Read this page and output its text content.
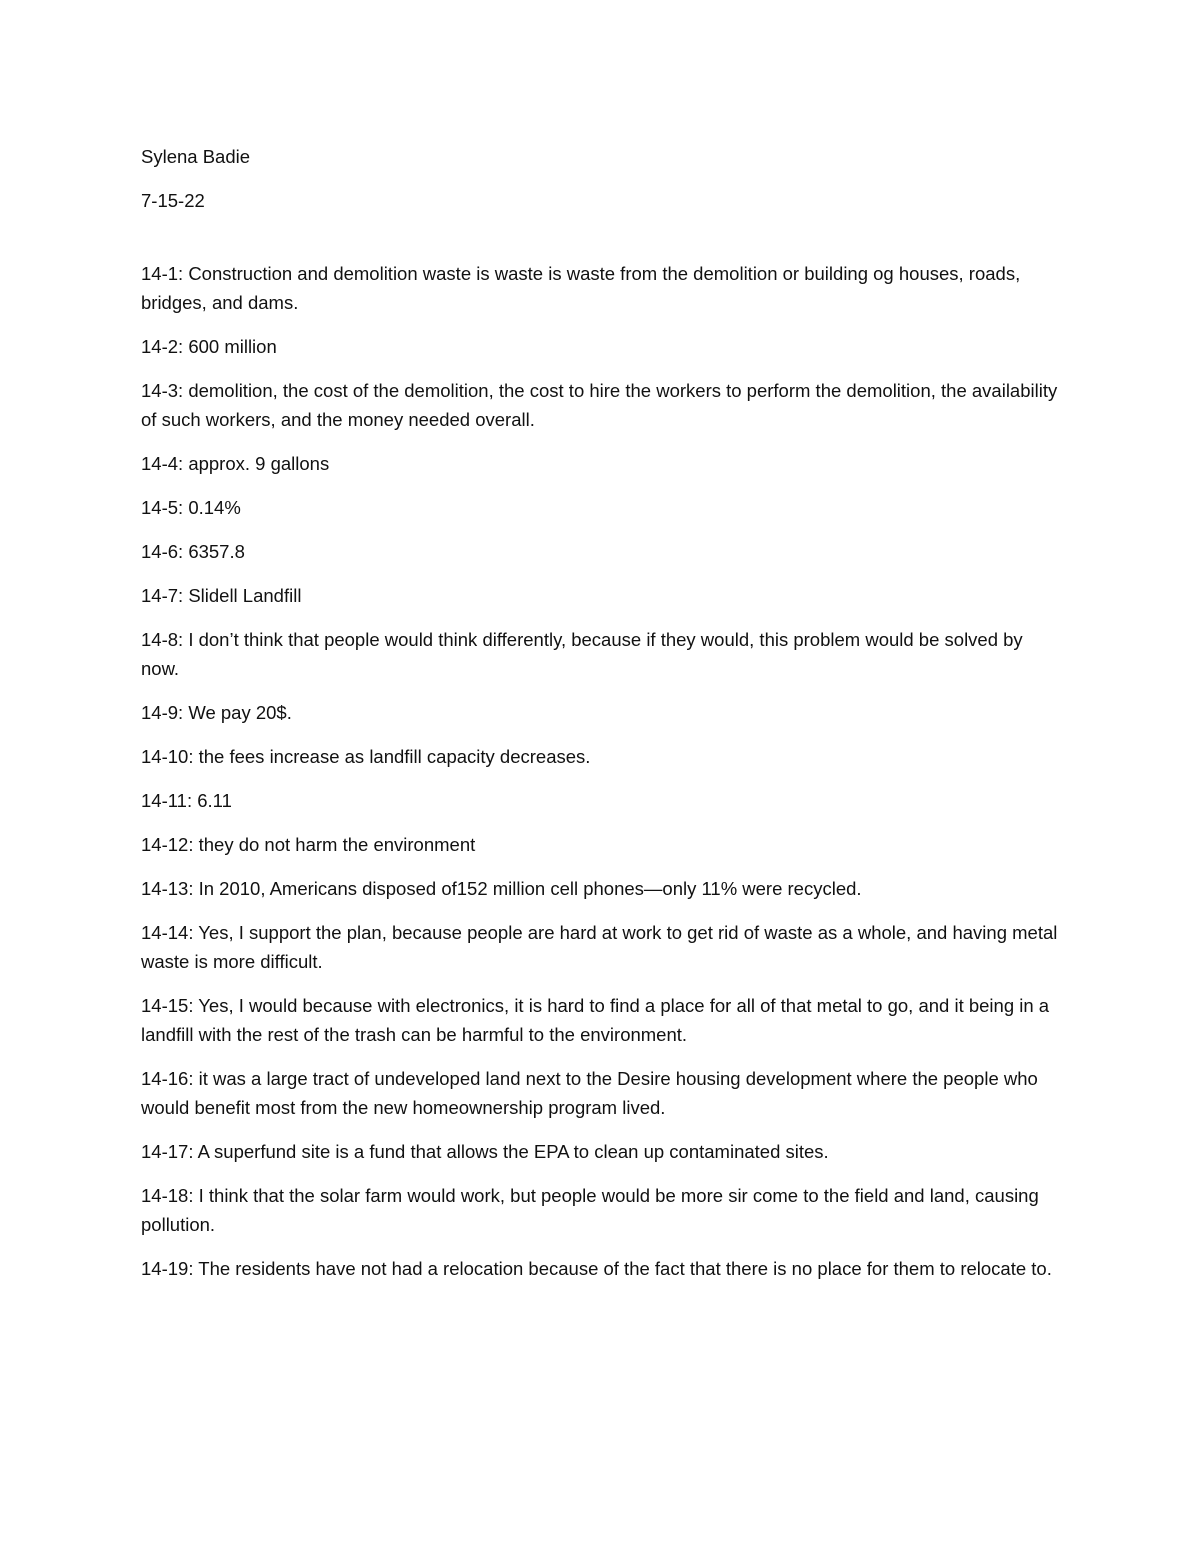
Sylena Badie

7-15-22

14-1: Construction and demolition waste is waste is waste from the demolition or building og houses, roads, bridges, and dams.

14-2: 600 million

14-3: demolition, the cost of the demolition, the cost to hire the workers to perform the demolition, the availability of such workers, and the money needed overall.

14-4: approx. 9 gallons

14-5: 0.14%

14-6: 6357.8

14-7: Slidell Landfill

14-8: I don’t think that people would think differently, because if they would, this problem would be solved by now.

14-9: We pay 20$.

14-10: the fees increase as landfill capacity decreases.

14-11: 6.11

14-12: they do not harm the environment

14-13: In 2010, Americans disposed of152 million cell phones—only 11% were recycled.

14-14: Yes, I support the plan, because people are hard at work to get rid of waste as a whole, and having metal waste is more difficult.

14-15: Yes, I would because with electronics, it is hard to find a place for all of that metal to go, and it being in a landfill with the rest of the trash can be harmful to the environment.

14-16: it was a large tract of undeveloped land next to the Desire housing development where the people who would benefit most from the new homeownership program lived.

14-17: A superfund site is a fund that allows the EPA to clean up contaminated sites.

14-18: I think that the solar farm would work, but people would be more sir come to the field and land, causing pollution.

14-19: The residents have not had a relocation because of the fact that there is no place for them to relocate to.
